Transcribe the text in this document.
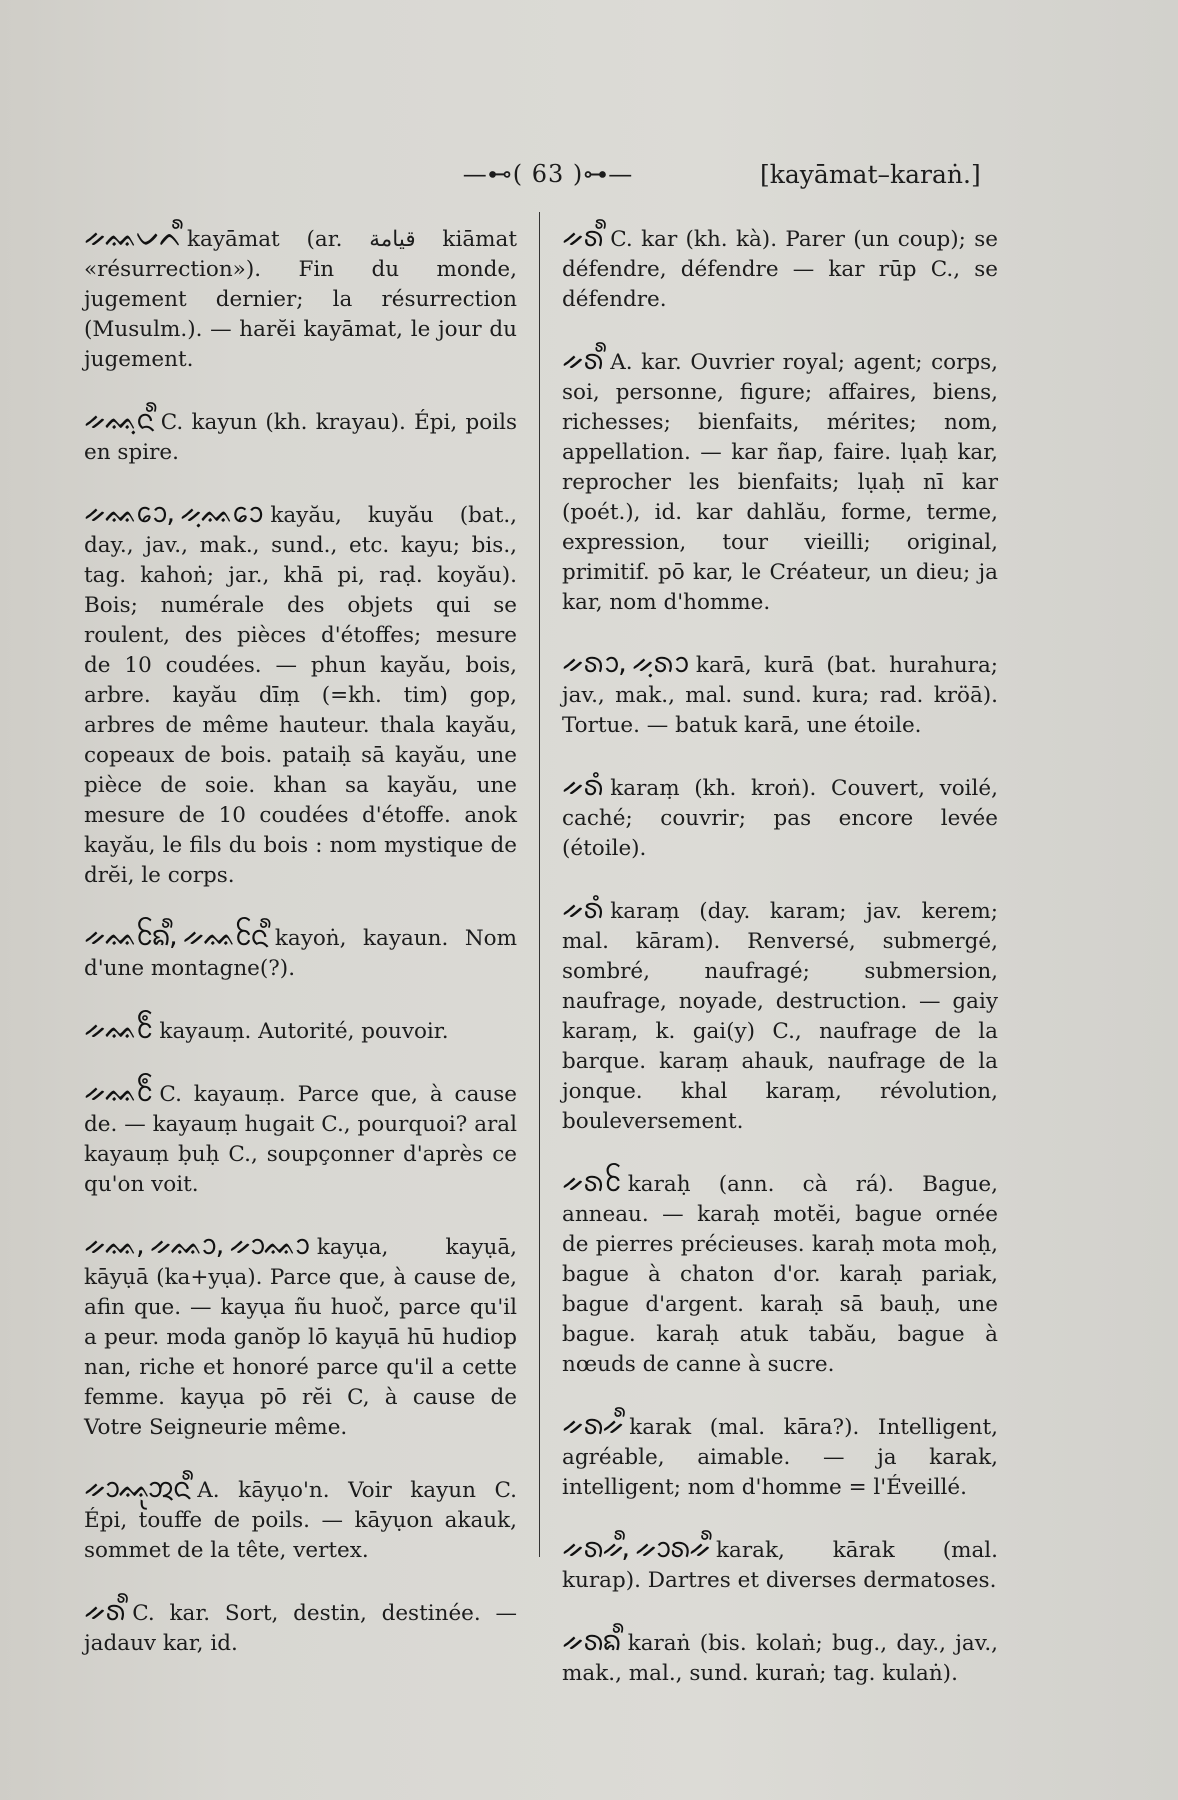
—⊷( 63 )⊶—	[kayāmat–karaṅ.]

ᨀᨐᨆᨈ᩺ kayāmat (ar. قيامة kiāmat «résurrection»). Fin du monde, jugement dernier; la résurrection (Musulm.). — harĕi kayāmat, le jour du jugement.

ᨀᨐᨘᨶ᩺ C. kayun (kh. krayau). Épi, poils en spire.

ᨀᨐᩮᩣ, ᨀᨘᨐᩮᩣ kayău, kuyău (bat., day., jav., mak., sund., etc. kayu; bis., tag. kahoṅ; jar., khā pi, raḍ. koyău). Bois; numérale des objets qui se roulent, des pièces d'étoffes; mesure de 10 coudées. — phun kayău, bois, arbre. kayău dīṃ (=kh. tim) gop, arbres de même hauteur. thala kayău, copeaux de bois. pataiḥ sā kayău, une pièce de soie. khan sa kayău, une mesure de 10 coudées d'étoffe. anok kayău, le fils du bois : nom mystique de drĕi, le corps.

ᨀᨐᩰᨦ᩺, ᨀᨐᩰᨶ᩺ kayoṅ, kayaun. Nom d'une montagne(?).

ᨀᨐᩰᩴ kayauṃ. Autorité, pouvoir.

ᨀᨐᩰᩴ C. kayauṃ. Parce que, à cause de. — kayauṃ hugait C., pourquoi? aral kayauṃ ḅuḥ C., soupçonner d'après ce qu'on voit.

ᨀᨐ, ᨀᨐᩣ, ᨀᩣᨐᩣ kayụa, kayụā, kāyụā (ka+yụa). Parce que, à cause de, afin que. — kayụa ñu huoč, parce qu'il a peur. moda ganŏp lō kayụā hū hudiop nan, riche et honoré parce qu'il a cette femme. kayụa pō rĕi C, à cause de Votre Seigneurie même.

ᨀᩣᨐᩩᩋᨶ᩺ A. kāyụo'n. Voir kayun C. Épi, touffe de poils. — kāyụon akauk, sommet de la tête, vertex.

ᨀᩁ᩺ C. kar. Sort, destin, destinée. — jadauv kar, id.

ᨀᩁ᩺ C. kar (kh. kà). Parer (un coup); se défendre, défendre — kar rūp C., se défendre.

ᨀᩁ᩺ A. kar. Ouvrier royal; agent; corps, soi, personne, figure; affaires, biens, richesses; bienfaits, mérites; nom, appellation. — kar ñap, faire. lụaḥ kar, reprocher les bienfaits; lụaḥ nī kar (poét.), id. kar dahlău, forme, terme, expression, tour vieilli; original, primitif. pō kar, le Créateur, un dieu; ja kar, nom d'homme.

ᨀᩁᩣ, ᨀᨘᩁᩣ karā, kurā (bat. hurahura; jav., mak., mal. sund. kura; rad. kröā). Tortue. — batuk karā, une étoile.

ᨀᩁᩴ karaṃ (kh. kroṅ). Couvert, voilé, caché; couvrir; pas encore levée (étoile).

ᨀᩁᩴ karaṃ (day. karam; jav. kerem; mal. kāram). Renversé, submergé, sombré, naufragé; submersion, naufrage, noyade, destruction. — gaiy karaṃ, k. gai(y) C., naufrage de la barque. karaṃ ahauk, naufrage de la jonque. khal karaṃ, révolution, bouleversement.

ᨀᩁᩰ karaḥ (ann. cà rá). Bague, anneau. — karaḥ motĕi, bague ornée de pierres précieuses. karaḥ mota moḥ, bague à chaton d'or. karaḥ pariak, bague d'argent. karaḥ sā bauḥ, une bague. karaḥ atuk tabău, bague à nœuds de canne à sucre.

ᨀᩁᨀ᩺ karak (mal. kāra?). Intelligent, agréable, aimable. — ja karak, intelligent; nom d'homme = l'Éveillé.

ᨀᩁᨀ᩺, ᨀᩣᩁᨀ᩺ karak, kārak (mal. kurap). Dartres et diverses dermatoses.

ᨀᩁᨦ᩺ karaṅ (bis. kolaṅ; bug., day., jav., mak., mal., sund. kuraṅ; tag. kulaṅ).
